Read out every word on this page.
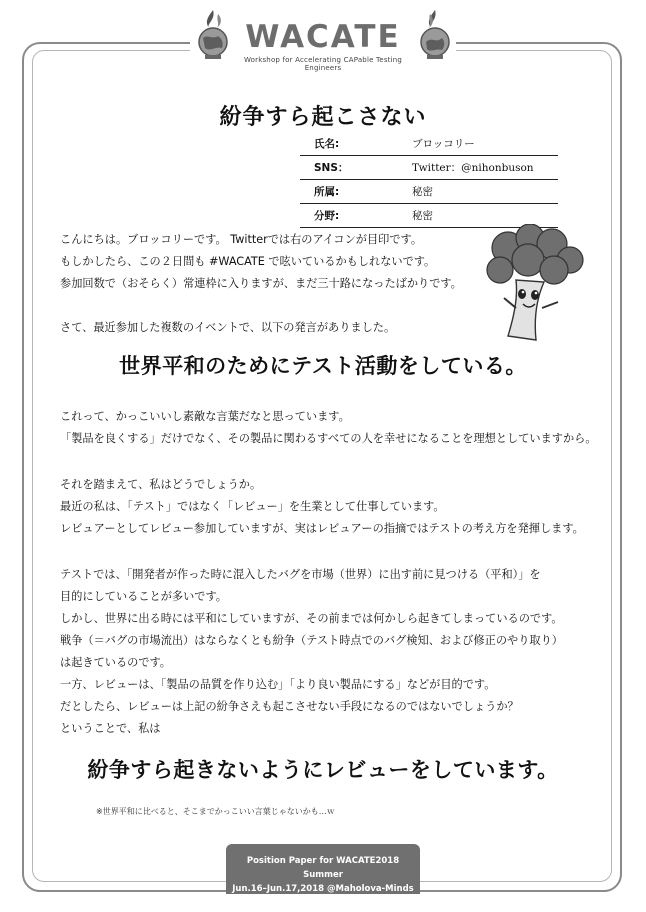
WACATE
Workshop for Accelerating CAPable Testing Engineers
紛争すら起こさない
氏名:	ブロッコリー
SNS：	Twitter：@nihonbuson
所属:	秘密
分野:	秘密
こんにちは。ブロッコリーです。 Twitterでは右のアイコンが目印です。
もしかしたら、この２日間も #WACATE で呟いているかもしれないです。
参加回数で（おそらく）常連枠に入りますが、まだ三十路になったばかりです。
さて、最近参加した複数のイベントで、以下の発言がありました。
世界平和のためにテスト活動をしている。
これって、かっこいいし素敵な言葉だなと思っています。
「製品を良くする」だけでなく、その製品に関わるすべての人を幸せになることを理想としていますから。
それを踏まえて、私はどうでしょうか。
最近の私は、「テスト」ではなく「レビュー」を生業として仕事しています。
レビュアーとしてレビュー参加していますが、実はレビュアーの指摘ではテストの考え方を発揮します。
テストでは、「開発者が作った時に混入したバグを市場（世界）に出す前に見つける（平和）」を
目的にしていることが多いです。
しかし、世界に出る時には平和にしていますが、その前までは何かしら起きてしまっているのです。
戦争（＝バグの市場流出）はならなくとも紛争（テスト時点でのバグ検知、および修正のやり取り）
は起きているのです。
一方、レビューは、「製品の品質を作り込む」「より良い製品にする」などが目的です。
だとしたら、レビューは上記の紛争さえも起こさせない手段になるのではないでしょうか？
ということで、私は
紛争すら起きないようにレビューをしています。
※世界平和に比べると、そこまでかっこいい言葉じゃないかも…ｗ
Position Paper for WACATE2018 Summer
Jun.16–Jun.17,2018 @Maholova-Minds
